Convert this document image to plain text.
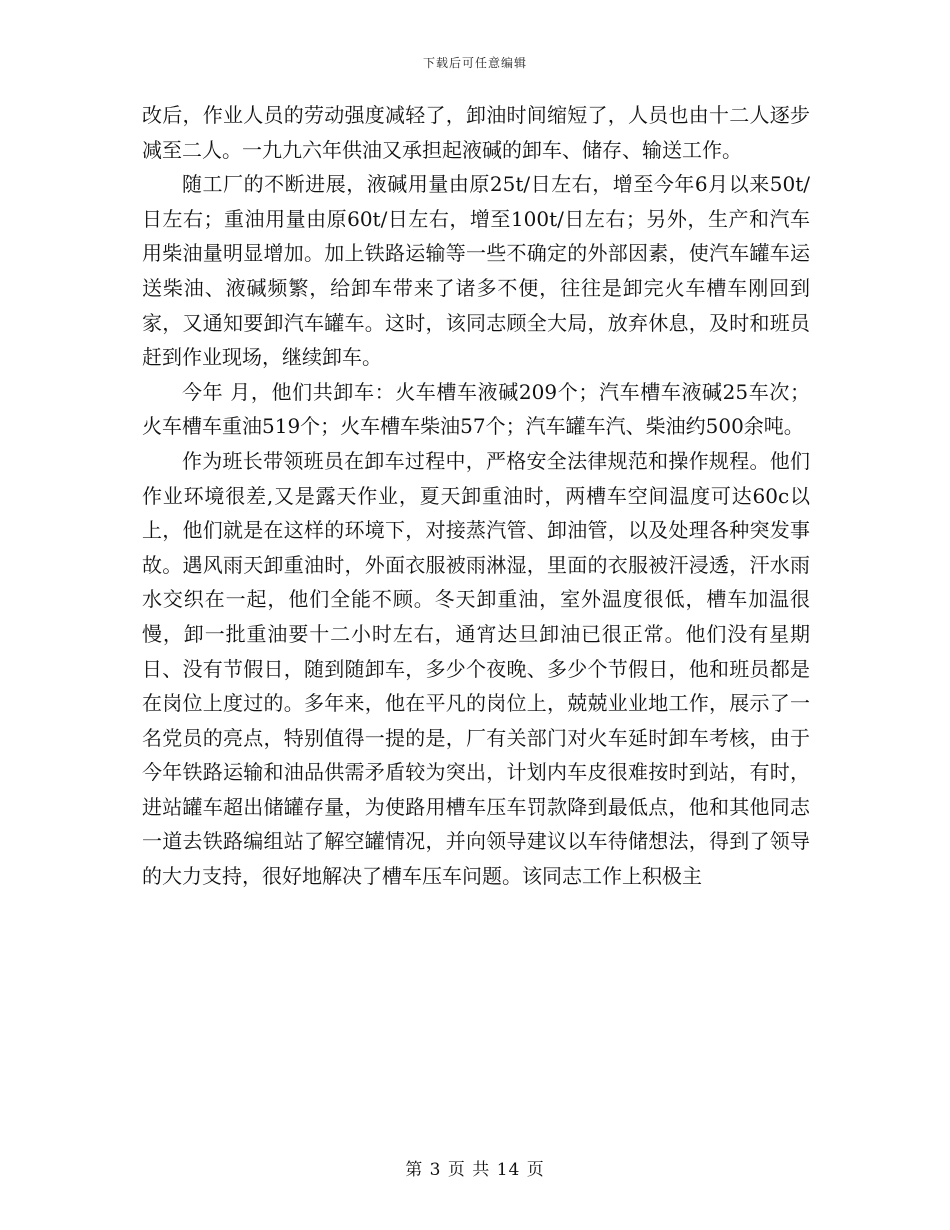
下载后可任意编辑

改后，作业人员的劳动强度减轻了，卸油时间缩短了，人员也由十二人逐步减至二人。一九九六年供油又承担起液碱的卸车、储存、输送工作。

随工厂的不断进展，液碱用量由原25t/日左右，增至今年6月以来50t/日左右；重油用量由原60t/日左右，增至100t/日左右；另外，生产和汽车用柴油量明显增加。加上铁路运输等一些不确定的外部因素，使汽车罐车运送柴油、液碱频繁，给卸车带来了诸多不便，往往是卸完火车槽车刚回到家，又通知要卸汽车罐车。这时，该同志顾全大局，放弃休息，及时和班员赶到作业现场，继续卸车。

今年 月，他们共卸车：火车槽车液碱209个；汽车槽车液碱25车次；火车槽车重油519个；火车槽车柴油57个；汽车罐车汽、柴油约500余吨。

作为班长带领班员在卸车过程中，严格安全法律规范和操作规程。他们作业环境很差,又是露天作业，夏天卸重油时，两槽车空间温度可达60c以上，他们就是在这样的环境下，对接蒸汽管、卸油管，以及处理各种突发事故。遇风雨天卸重油时，外面衣服被雨淋湿，里面的衣服被汗浸透，汗水雨水交织在一起，他们全能不顾。冬天卸重油，室外温度很低，槽车加温很慢，卸一批重油要十二小时左右，通宵达旦卸油已很正常。他们没有星期日、没有节假日，随到随卸车，多少个夜晚、多少个节假日，他和班员都是在岗位上度过的。多年来，他在平凡的岗位上，兢兢业业地工作，展示了一名党员的亮点，特别值得一提的是，厂有关部门对火车延时卸车考核，由于今年铁路运输和油品供需矛盾较为突出，计划内车皮很难按时到站，有时，进站罐车超出储罐存量，为使路用槽车压车罚款降到最低点，他和其他同志一道去铁路编组站了解空罐情况，并向领导建议以车待储想法，得到了领导的大力支持，很好地解决了槽车压车问题。该同志工作上积极主

第 3 页 共 14 页
